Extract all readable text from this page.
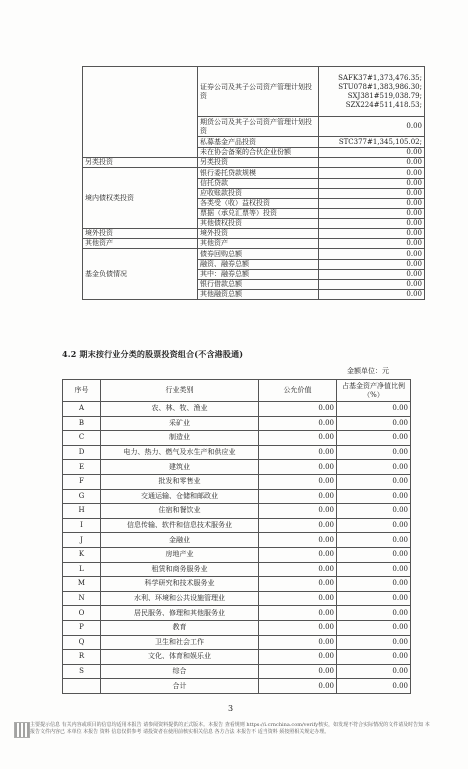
	证券公司及其子公司资产管理计划投资	SAFK37#1,373,476.35;
STU078#1,383,986.30;
SXJ381#519,038.79;
SZX224#511,418.53;
	期货公司及其子公司资产管理计划投资	0.00
	私募基金产品投资	STC377#1,345,105.02;
	未在协会备案的合伙企业份额	0.00
另类投资	另类投资	0.00
境内债权类投资	银行委托贷款规模	0.00
	信托贷款	0.00
	应收账款投资	0.00
	各类受（收）益权投资	0.00
	票据（承兑汇票等）投资	0.00
	其他债权投资	0.00
境外投资	境外投资	0.00
其他资产	其他资产	0.00
基金负债情况	债券回购总额	0.00
	融资、融券总额	0.00
	其中：融券总额	0.00
	银行借款总额	0.00
	其他融资总额	0.00
4.2 期末按行业分类的股票投资组合(不含港股通)
金额单位：元
序号	行业类别	公允价值	占基金资产净值比例（%）
A	农、林、牧、渔业	0.00	0.00
B	采矿业	0.00	0.00
C	制造业	0.00	0.00
D	电力、热力、燃气及水生产和供应业	0.00	0.00
E	建筑业	0.00	0.00
F	批发和零售业	0.00	0.00
G	交通运输、仓储和邮政业	0.00	0.00
H	住宿和餐饮业	0.00	0.00
I	信息传输、软件和信息技术服务业	0.00	0.00
J	金融业	0.00	0.00
K	房地产业	0.00	0.00
L	租赁和商务服务业	0.00	0.00
M	科学研究和技术服务业	0.00	0.00
N	水利、环境和公共设施管理业	0.00	0.00
O	居民服务、修理和其他服务业	0.00	0.00
P	教育	0.00	0.00
Q	卫生和社会工作	0.00	0.00
R	文化、体育和娱乐业	0.00	0.00
S	综合	0.00	0.00
	合计	0.00	0.00
3
主要提示信息 有关内容或项目的信息均适用本报告 请参阅资料提供的正式版本。本报告 查看规则 https://i.crnchina.com/verify核实，如发现不符合实际情况的文件请及时告知 本报告文件内容已 本单位 本报告 资料 信息仅供参考 请投资者在使用前核实相关信息 各方合法 本报告不 适当资料 须按照相关规定办理。
